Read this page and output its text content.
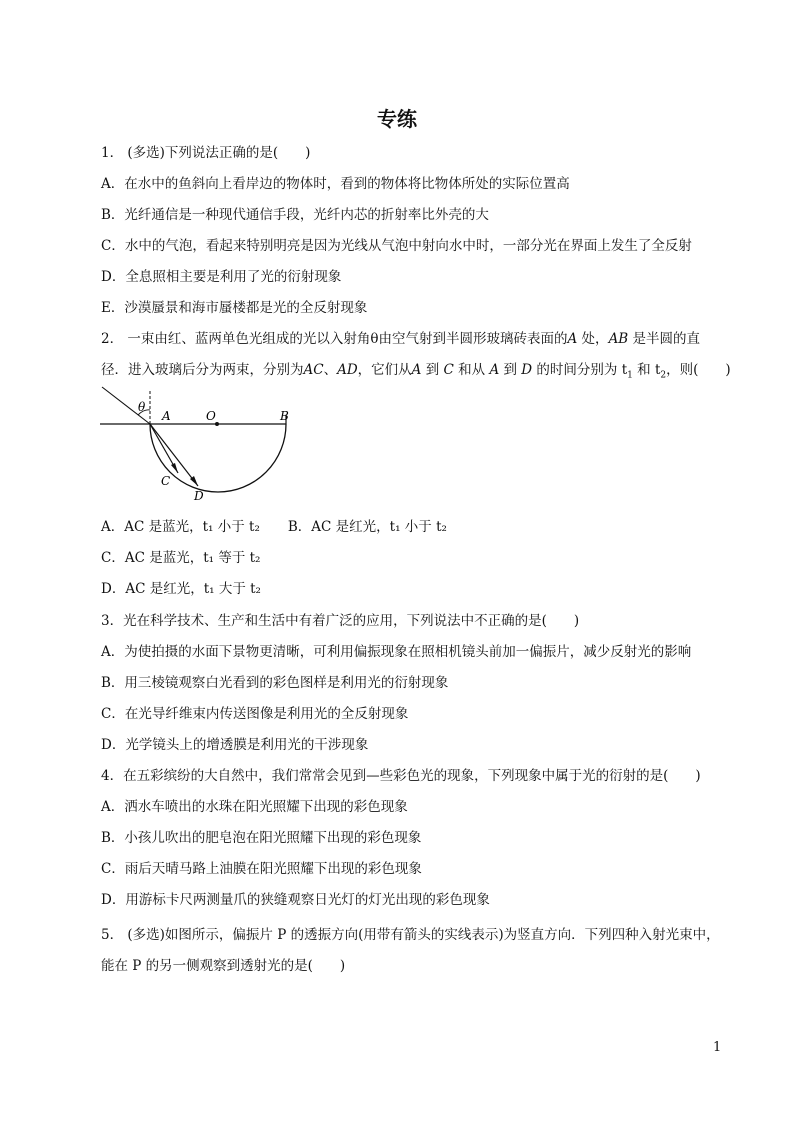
专练
1． (多选)下列说法正确的是(　　)
A．在水中的鱼斜向上看岸边的物体时，看到的物体将比物体所处的实际位置高
B．光纤通信是一种现代通信手段，光纤内芯的折射率比外壳的大
C．水中的气泡，看起来特别明亮是因为光线从气泡中射向水中时，一部分光在界面上发生了全反射
D．全息照相主要是利用了光的衍射现象
E．沙漠蜃景和海市蜃楼都是光的全反射现象
2． 一束由红、蓝两单色光组成的光以入射角θ由空气射到半圆形玻璃砖表面的A 处，AB 是半圆的直
径．进入玻璃后分为两束，分别为AC、AD，它们从A 到 C 和从 A 到 D 的时间分别为 $t_1$ 和 $t_2$，则(　　)
θ
A	O	B
C
D
A．AC 是蓝光，t₁ 小于 t₂ B．AC 是红光，t₁ 小于 t₂
C．AC 是蓝光，t₁ 等于 t₂
D．AC 是红光，t₁ 大于 t₂
3．光在科学技术、生产和生活中有着广泛的应用，下列说法中不正确的是(　　)
A．为使拍摄的水面下景物更清晰，可利用偏振现象在照相机镜头前加一偏振片，减少反射光的影响
B．用三棱镜观察白光看到的彩色图样是利用光的衍射现象
C．在光导纤维束内传送图像是利用光的全反射现象
D．光学镜头上的增透膜是利用光的干涉现象
4．在五彩缤纷的大自然中，我们常常会见到—些彩色光的现象，下列现象中属于光的衍射的是(　　)
A．洒水车喷出的水珠在阳光照耀下出现的彩色现象
B．小孩儿吹出的肥皂泡在阳光照耀下出现的彩色现象
C．雨后天晴马路上油膜在阳光照耀下出现的彩色现象
D．用游标卡尺两测量爪的狭缝观察日光灯的灯光出现的彩色现象
5． (多选)如图所示，偏振片 P 的透振方向(用带有箭头的实线表示)为竖直方向．下列四种入射光束中，
能在 P 的另一侧观察到透射光的是(　　)
1
